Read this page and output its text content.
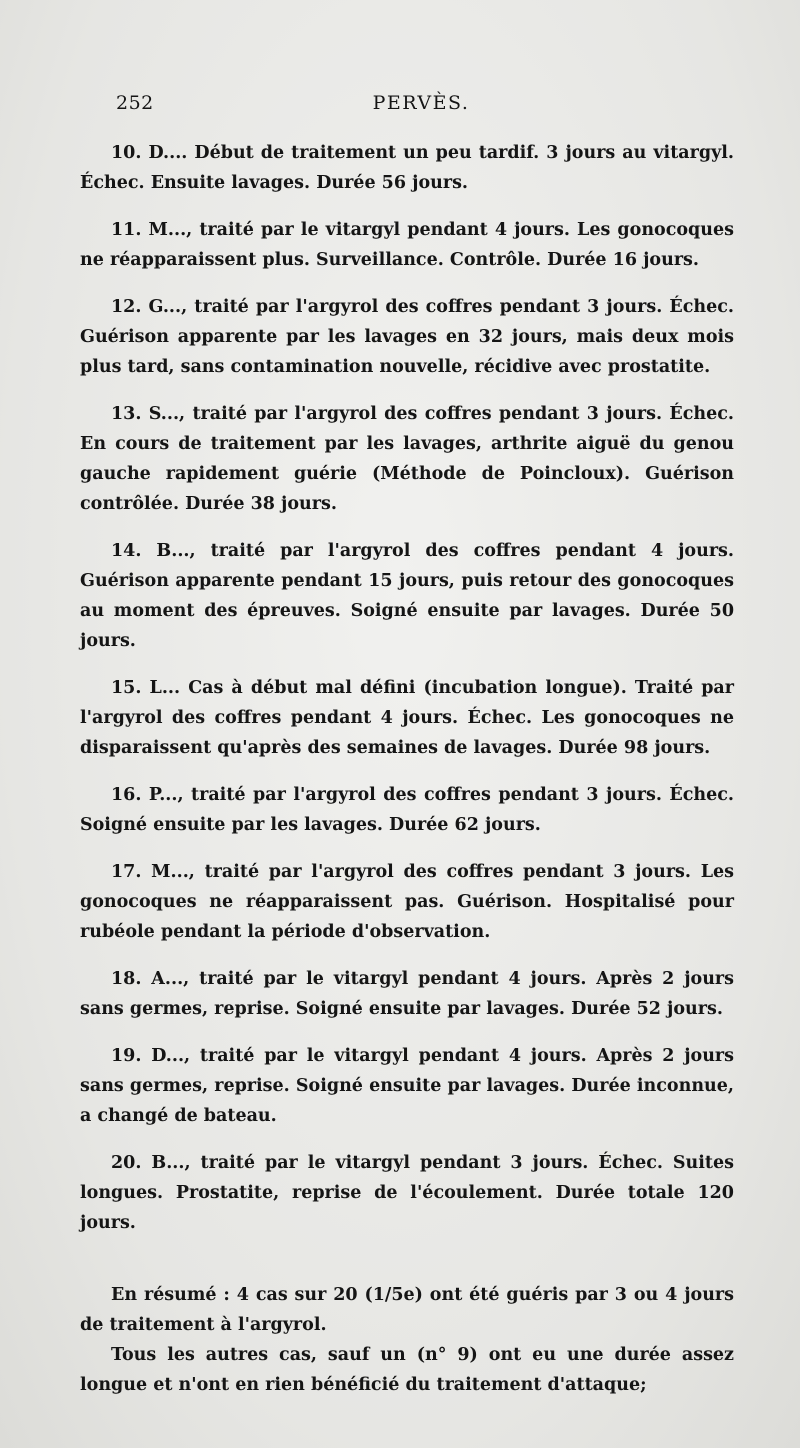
252	PERVÈS.

10. D.... Début de traitement un peu tardif. 3 jours au vitargyl. Échec. Ensuite lavages. Durée 56 jours.

11. M..., traité par le vitargyl pendant 4 jours. Les gonocoques ne réapparaissent plus. Surveillance. Contrôle. Durée 16 jours.

12. G..., traité par l'argyrol des coffres pendant 3 jours. Échec. Guérison apparente par les lavages en 32 jours, mais deux mois plus tard, sans contamination nouvelle, récidive avec prostatite.

13. S..., traité par l'argyrol des coffres pendant 3 jours. Échec. En cours de traitement par les lavages, arthrite aiguë du genou gauche rapidement guérie (Méthode de Poincloux). Guérison contrôlée. Durée 38 jours.

14. B..., traité par l'argyrol des coffres pendant 4 jours. Guérison apparente pendant 15 jours, puis retour des gonocoques au moment des épreuves. Soigné ensuite par lavages. Durée 50 jours.

15. L... Cas à début mal défini (incubation longue). Traité par l'argyrol des coffres pendant 4 jours. Échec. Les gonocoques ne disparaissent qu'après des semaines de lavages. Durée 98 jours.

16. P..., traité par l'argyrol des coffres pendant 3 jours. Échec. Soigné ensuite par les lavages. Durée 62 jours.

17. M..., traité par l'argyrol des coffres pendant 3 jours. Les gonocoques ne réapparaissent pas. Guérison. Hospitalisé pour rubéole pendant la période d'observation.

18. A..., traité par le vitargyl pendant 4 jours. Après 2 jours sans germes, reprise. Soigné ensuite par lavages. Durée 52 jours.

19. D..., traité par le vitargyl pendant 4 jours. Après 2 jours sans germes, reprise. Soigné ensuite par lavages. Durée inconnue, a changé de bateau.

20. B..., traité par le vitargyl pendant 3 jours. Échec. Suites longues. Prostatite, reprise de l'écoulement. Durée totale 120 jours.

En résumé : 4 cas sur 20 (1/5e) ont été guéris par 3 ou 4 jours de traitement à l'argyrol.

Tous les autres cas, sauf un (n° 9) ont eu une durée assez longue et n'ont en rien bénéficié du traitement d'attaque;
